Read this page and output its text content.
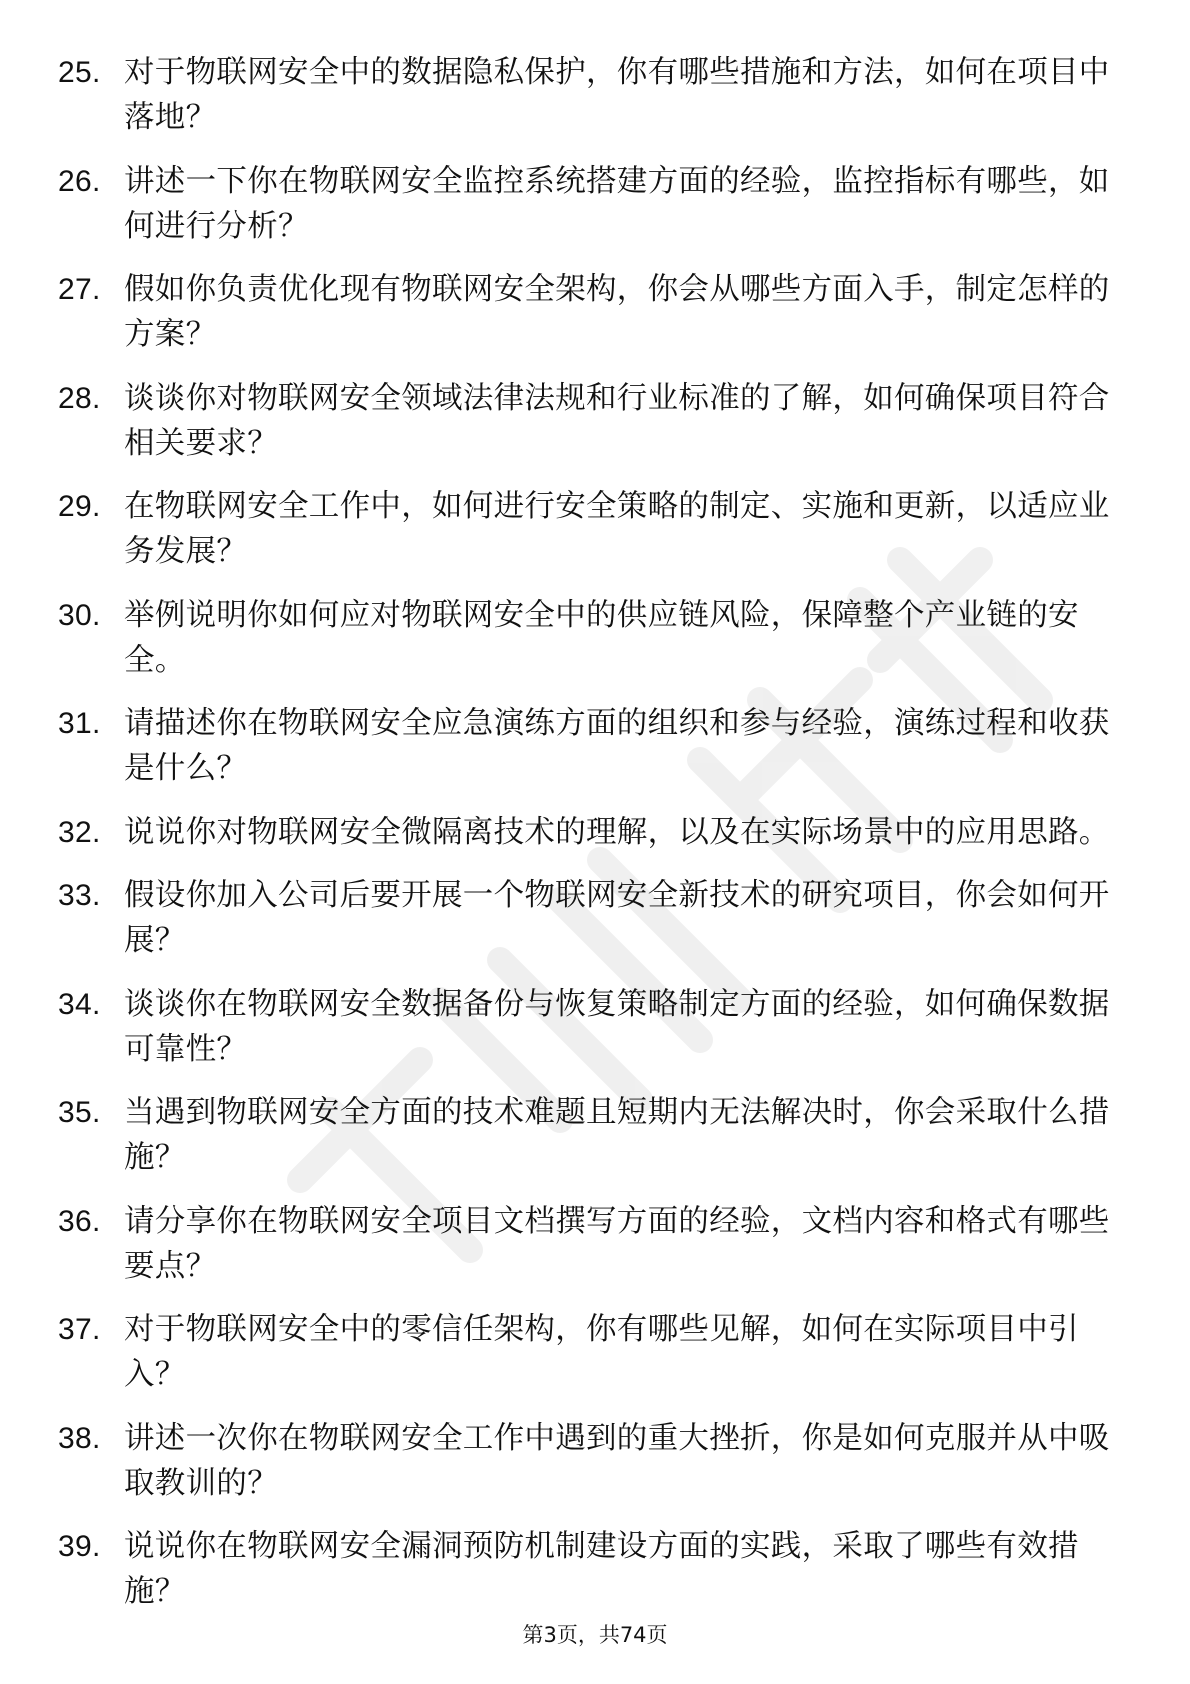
25. 对于物联网安全中的数据隐私保护，你有哪些措施和方法，如何在项目中落地？
26. 讲述一下你在物联网安全监控系统搭建方面的经验，监控指标有哪些，如何进行分析？
27. 假如你负责优化现有物联网安全架构，你会从哪些方面入手，制定怎样的方案？
28. 谈谈你对物联网安全领域法律法规和行业标准的了解，如何确保项目符合相关要求？
29. 在物联网安全工作中，如何进行安全策略的制定、实施和更新，以适应业务发展？
30. 举例说明你如何应对物联网安全中的供应链风险，保障整个产业链的安全。
31. 请描述你在物联网安全应急演练方面的组织和参与经验，演练过程和收获是什么？
32. 说说你对物联网安全微隔离技术的理解，以及在实际场景中的应用思路。
33. 假设你加入公司后要开展一个物联网安全新技术的研究项目，你会如何开展？
34. 谈谈你在物联网安全数据备份与恢复策略制定方面的经验，如何确保数据可靠性？
35. 当遇到物联网安全方面的技术难题且短期内无法解决时，你会采取什么措施？
36. 请分享你在物联网安全项目文档撰写方面的经验，文档内容和格式有哪些要点？
37. 对于物联网安全中的零信任架构，你有哪些见解，如何在实际项目中引入？
38. 讲述一次你在物联网安全工作中遇到的重大挫折，你是如何克服并从中吸取教训的？
39. 说说你在物联网安全漏洞预防机制建设方面的实践，采取了哪些有效措施？
第3页，共74页
